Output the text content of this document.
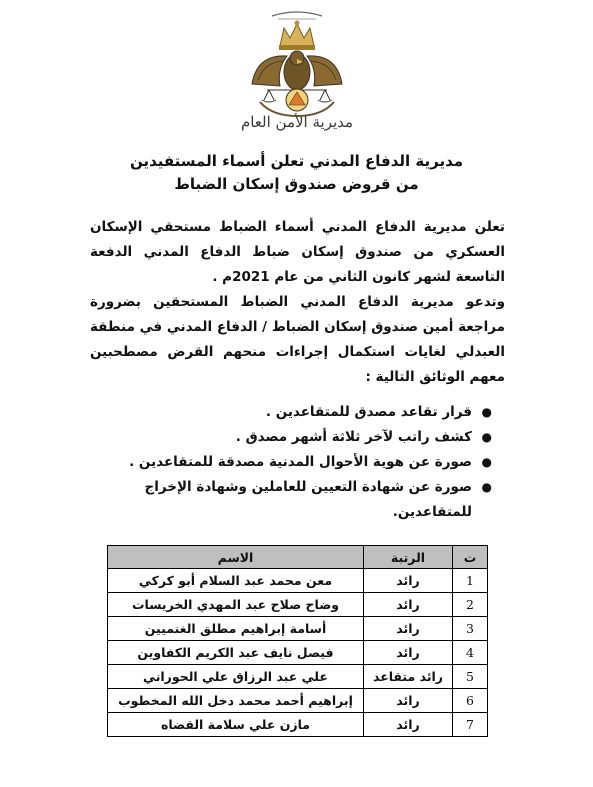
مديرية الأمن العام
مديرية الدفاع المدني تعلن أسماء المستفيدين
من قروض صندوق إسكان الضباط
تعلن مديرية الدفاع المدني أسماء الضباط مستحقي الإسكان العسكري من صندوق إسكان ضباط الدفاع المدني الدفعة التاسعة لشهر كانون الثاني من عام 2021م .
وتدعو مديرية الدفاع المدني الضباط المستحقين بضرورة مراجعة أمين صندوق إسكان الضباط / الدفاع المدني في منطقة العبدلي لغايات استكمال إجراءات منحهم القرض مصطحبين معهم الوثائق التالية :
●
قرار تقاعد مصدق للمتقاعدين .
●
كشف راتب لآخر ثلاثة أشهر مصدق .
●
صورة عن هوية الأحوال المدنية مصدقة للمتقاعدين .
●
صورة عن شهادة التعيين للعاملين وشهادة الإخراج للمتقاعدين.
ت	الرتبة	الاسم
1	رائد	معن محمد عبد السلام أبو كركي
2	رائد	وضاح صلاح عبد المهدي الخريسات
3	رائد	أسامة إبراهيم مطلق الغنميين
4	رائد	فيصل نايف عبد الكريم الكفاوين
5	رائد متقاعد	علي عبد الرزاق علي الحوراني
6	رائد	إبراهيم أحمد محمد دخل الله المخطوب
7	رائد	مازن علي سلامة القضاه
